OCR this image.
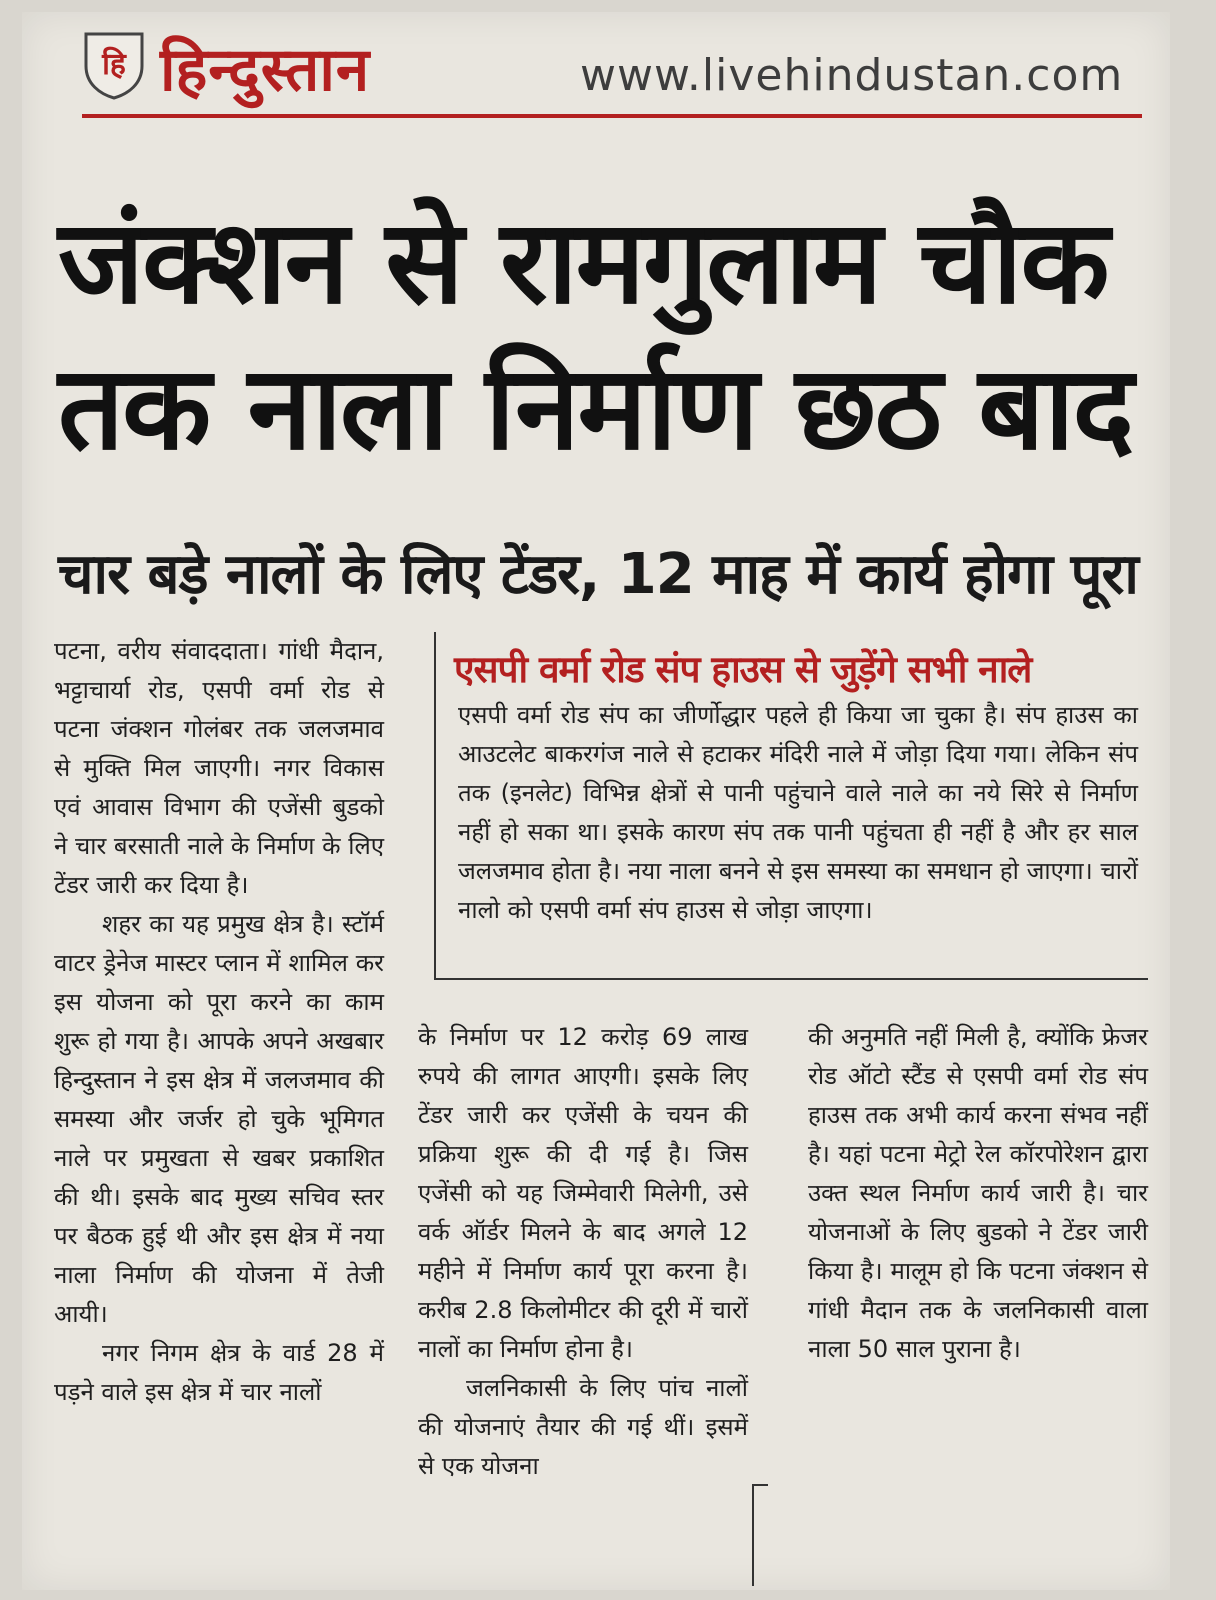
हि हिन्दुस्तान	www.livehindustan.com
जंक्शन से रामगुलाम चौक
तक नाला निर्माण छठ बाद
चार बड़े नालों के लिए टेंडर, 12 माह में कार्य होगा पूरा

पटना, वरीय संवाददाता। गांधी मैदान, भट्टाचार्या रोड, एसपी वर्मा रोड से पटना जंक्शन गोलंबर तक जलजमाव से मुक्ति मिल जाएगी। नगर विकास एवं आवास विभाग की एजेंसी बुडको ने चार बरसाती नाले के निर्माण के लिए टेंडर जारी कर दिया है।

शहर का यह प्रमुख क्षेत्र है। स्टॉर्म वाटर ड्रेनेज मास्टर प्लान में शामिल कर इस योजना को पूरा करने का काम शुरू हो गया है। आपके अपने अखबार हिन्दुस्तान ने इस क्षेत्र में जलजमाव की समस्या और जर्जर हो चुके भूमिगत नाले पर प्रमुखता से खबर प्रकाशित की थी। इसके बाद मुख्य सचिव स्तर पर बैठक हुई थी और इस क्षेत्र में नया नाला निर्माण की योजना में तेजी आयी।

नगर निगम क्षेत्र के वार्ड 28 में पड़ने वाले इस क्षेत्र में चार नालों

एसपी वर्मा रोड संप हाउस से जुड़ेंगे सभी नाले
एसपी वर्मा रोड संप का जीर्णोद्धार पहले ही किया जा चुका है। संप हाउस का आउटलेट बाकरगंज नाले से हटाकर मंदिरी नाले में जोड़ा दिया गया। लेकिन संप तक (इनलेट) विभिन्न क्षेत्रों से पानी पहुंचाने वाले नाले का नये सिरे से निर्माण नहीं हो सका था। इसके कारण संप तक पानी पहुंचता ही नहीं है और हर साल जलजमाव होता है। नया नाला बनने से इस समस्या का समधान हो जाएगा। चारों नालो को एसपी वर्मा संप हाउस से जोड़ा जाएगा।

के निर्माण पर 12 करोड़ 69 लाख रुपये की लागत आएगी। इसके लिए टेंडर जारी कर एजेंसी के चयन की प्रक्रिया शुरू की दी गई है। जिस एजेंसी को यह जिम्मेवारी मिलेगी, उसे वर्क ऑर्डर मिलने के बाद अगले 12 महीने में निर्माण कार्य पूरा करना है। करीब 2.8 किलोमीटर की दूरी में चारों नालों का निर्माण होना है।

जलनिकासी के लिए पांच नालों की योजनाएं तैयार की गई थीं। इसमें से एक योजना

की अनुमति नहीं मिली है, क्योंकि फ्रेजर रोड ऑटो स्टैंड से एसपी वर्मा रोड संप हाउस तक अभी कार्य करना संभव नहीं है। यहां पटना मेट्रो रेल कॉरपोरेशन द्वारा उक्त स्थल निर्माण कार्य जारी है। चार योजनाओं के लिए बुडको ने टेंडर जारी किया है। मालूम हो कि पटना जंक्शन से गांधी मैदान तक के जलनिकासी वाला नाला 50 साल पुराना है।
